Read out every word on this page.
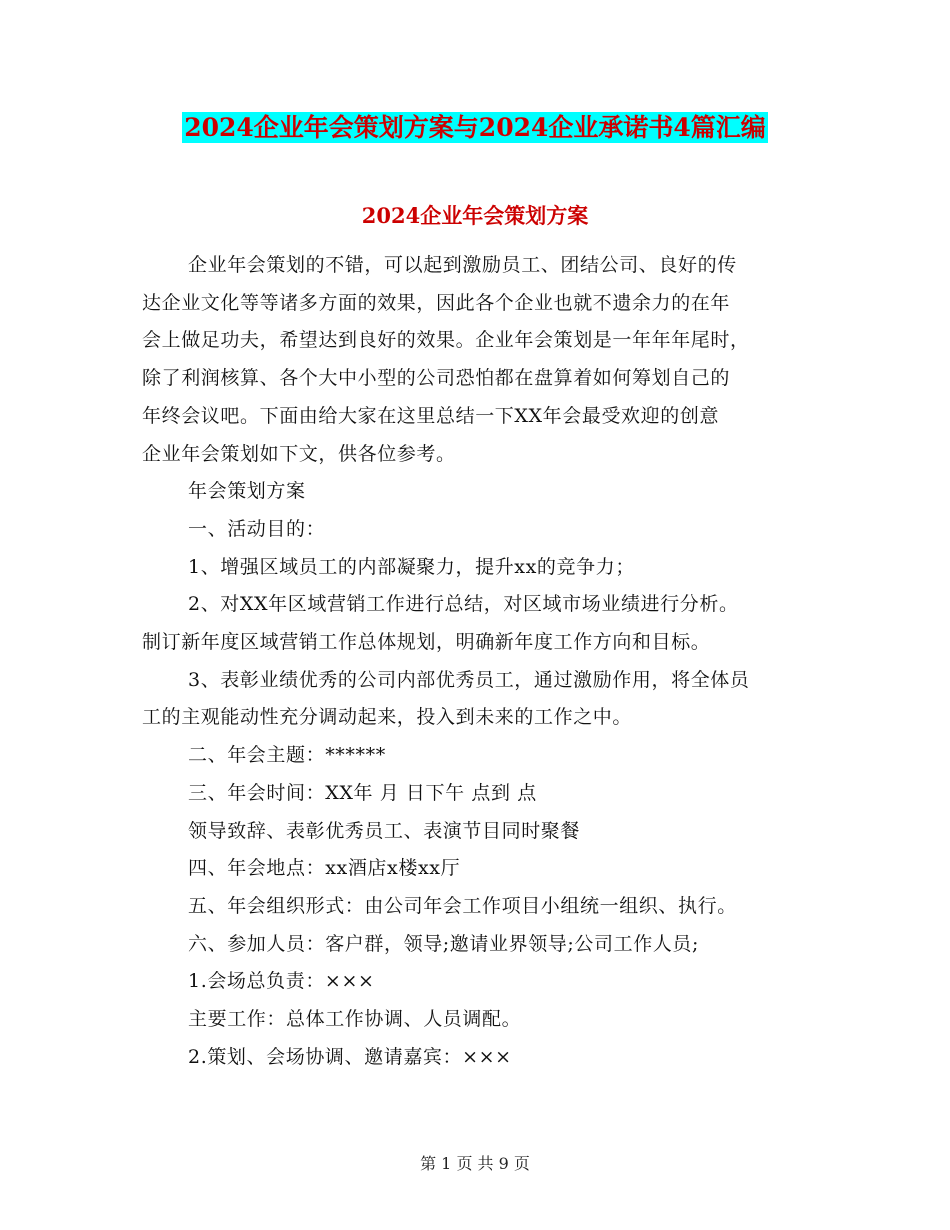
2024企业年会策划方案与2024企业承诺书4篇汇编
2024企业年会策划方案

企业年会策划的不错，可以起到激励员工、团结公司、良好的传

达企业文化等等诸多方面的效果，因此各个企业也就不遗余力的在年

会上做足功夫，希望达到良好的效果。企业年会策划是一年年年尾时，

除了利润核算、各个大中小型的公司恐怕都在盘算着如何筹划自己的

年终会议吧。下面由给大家在这里总结一下XX年会最受欢迎的创意

企业年会策划如下文，供各位参考。

年会策划方案

一、活动目的：

1、增强区域员工的内部凝聚力，提升xx的竞争力；

2、对XX年区域营销工作进行总结，对区域市场业绩进行分析。

制订新年度区域营销工作总体规划，明确新年度工作方向和目标。

3、表彰业绩优秀的公司内部优秀员工，通过激励作用，将全体员

工的主观能动性充分调动起来，投入到未来的工作之中。

二、年会主题：******

三、年会时间：XX年 月 日下午 点到 点

领导致辞、表彰优秀员工、表演节目同时聚餐

四、年会地点：xx酒店x楼xx厅

五、年会组织形式：由公司年会工作项目小组统一组织、执行。

六、参加人员：客户群，领导;邀请业界领导;公司工作人员;

1.会场总负责：×××

主要工作：总体工作协调、人员调配。

2.策划、会场协调、邀请嘉宾：×××

第 1 页 共 9 页
